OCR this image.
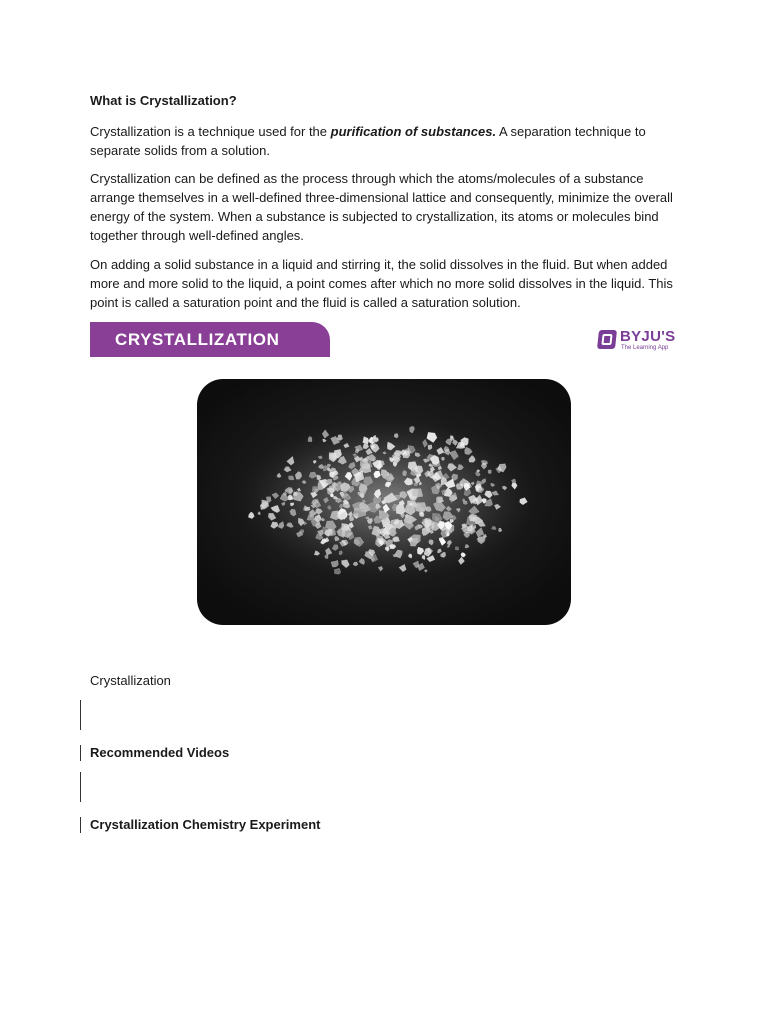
What is Crystallization?

Crystallization is a technique used for the purification of substances. A separation technique to separate solids from a solution.

Crystallization can be defined as the process through which the atoms/molecules of a substance arrange themselves in a well-defined three-dimensional lattice and consequently, minimize the overall energy of the system. When a substance is subjected to crystallization, its atoms or molecules bind together through well-defined angles.

On adding a solid substance in a liquid and stirring it, the solid dissolves in the fluid. But when added more and more solid to the liquid, a point comes after which no more solid dissolves in the liquid. This point is called a saturation point and the fluid is called a saturation solution.

CRYSTALLIZATION	BYJU'S
The Learning App
Crystallization
Recommended Videos
Crystallization Chemistry Experiment
